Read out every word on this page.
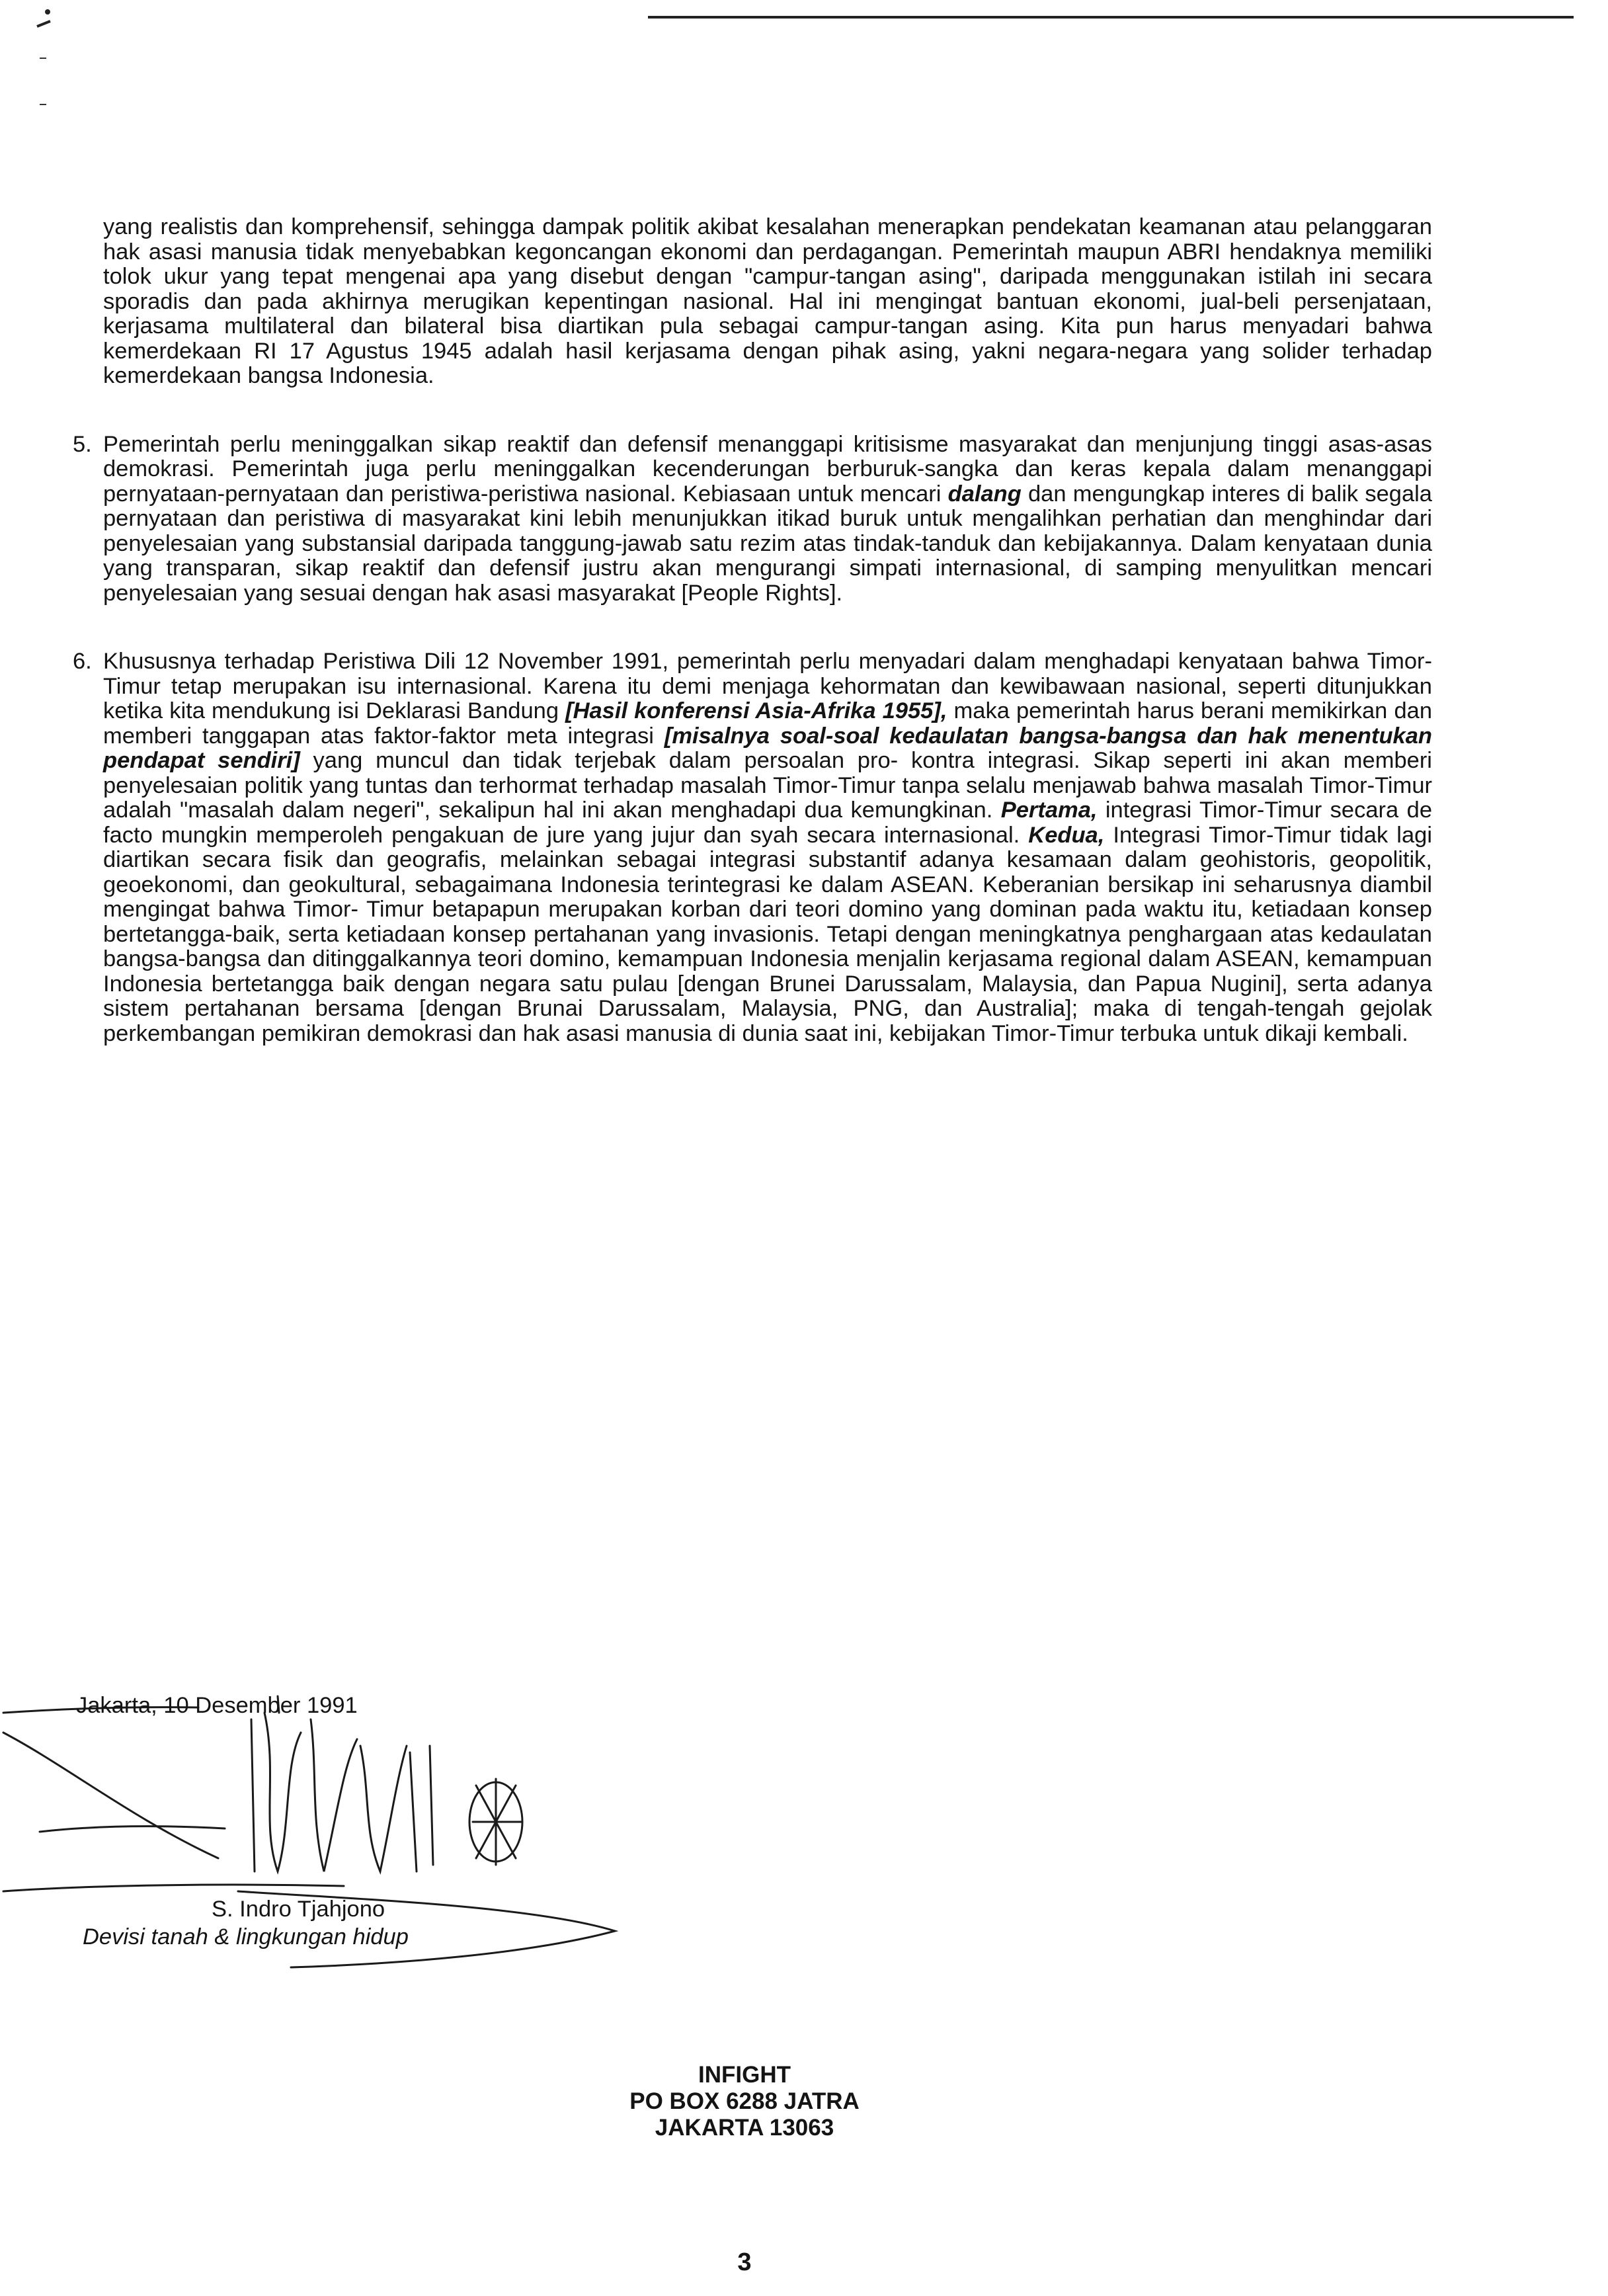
yang realistis dan komprehensif, sehingga dampak politik akibat kesalahan menerapkan pendekatan keamanan atau pelanggaran hak asasi manusia tidak menyebabkan kegoncangan ekonomi dan perdagangan. Pemerintah maupun ABRI hendaknya memiliki tolok ukur yang tepat mengenai apa yang disebut dengan "campur-tangan asing", daripada menggunakan istilah ini secara sporadis dan pada akhirnya merugikan kepentingan nasional. Hal ini mengingat bantuan ekonomi, jual-beli persenjataan, kerjasama multilateral dan bilateral bisa diartikan pula sebagai campur-tangan asing. Kita pun harus menyadari bahwa kemerdekaan RI 17 Agustus 1945 adalah hasil kerjasama dengan pihak asing, yakni negara-negara yang solider terhadap kemerdekaan bangsa Indonesia.

5. Pemerintah perlu meninggalkan sikap reaktif dan defensif menanggapi kritisisme masyarakat dan menjunjung tinggi asas-asas demokrasi. Pemerintah juga perlu meninggalkan kecenderungan berburuk-sangka dan keras kepala dalam menanggapi pernyataan-pernyataan dan peristiwa-peristiwa nasional. Kebiasaan untuk mencari dalang dan mengungkap interes di balik segala pernyataan dan peristiwa di masyarakat kini lebih menunjukkan itikad buruk untuk mengalihkan perhatian dan menghindar dari penyelesaian yang substansial daripada tanggung-jawab satu rezim atas tindak-tanduk dan kebijakannya. Dalam kenyataan dunia yang transparan, sikap reaktif dan defensif justru akan mengurangi simpati internasional, di samping menyulitkan mencari penyelesaian yang sesuai dengan hak asasi masyarakat [People Rights].

6. Khususnya terhadap Peristiwa Dili 12 November 1991, pemerintah perlu menyadari dalam menghadapi kenyataan bahwa Timor-Timur tetap merupakan isu internasional. Karena itu demi menjaga kehormatan dan kewibawaan nasional, seperti ditunjukkan ketika kita mendukung isi Deklarasi Bandung [Hasil konferensi Asia-Afrika 1955], maka pemerintah harus berani memikirkan dan memberi tanggapan atas faktor-faktor meta integrasi [misalnya soal-soal kedaulatan bangsa-bangsa dan hak menentukan pendapat sendiri] yang muncul dan tidak terjebak dalam persoalan pro- kontra integrasi. Sikap seperti ini akan memberi penyelesaian politik yang tuntas dan terhormat terhadap masalah Timor-Timur tanpa selalu menjawab bahwa masalah Timor-Timur adalah "masalah dalam negeri", sekalipun hal ini akan menghadapi dua kemungkinan. Pertama, integrasi Timor-Timur secara de facto mungkin memperoleh pengakuan de jure yang jujur dan syah secara internasional. Kedua, Integrasi Timor-Timur tidak lagi diartikan secara fisik dan geografis, melainkan sebagai integrasi substantif adanya kesamaan dalam geohistoris, geopolitik, geoekonomi, dan geokultural, sebagaimana Indonesia terintegrasi ke dalam ASEAN. Keberanian bersikap ini seharusnya diambil mengingat bahwa Timor- Timur betapapun merupakan korban dari teori domino yang dominan pada waktu itu, ketiadaan konsep bertetangga-baik, serta ketiadaan konsep pertahanan yang invasionis. Tetapi dengan meningkatnya penghargaan atas kedaulatan bangsa-bangsa dan ditinggalkannya teori domino, kemampuan Indonesia menjalin kerjasama regional dalam ASEAN, kemampuan Indonesia bertetangga baik dengan negara satu pulau [dengan Brunei Darussalam, Malaysia, dan Papua Nugini], serta adanya sistem pertahanan bersama [dengan Brunai Darussalam, Malaysia, PNG, dan Australia]; maka di tengah-tengah gejolak perkembangan pemikiran demokrasi dan hak asasi manusia di dunia saat ini, kebijakan Timor-Timur terbuka untuk dikaji kembali.

Jakarta, 10 Desember 1991
S. Indro Tjahjono
Devisi tanah & lingkungan hidup
INFIGHT
PO BOX 6288 JATRA
JAKARTA 13063
3
